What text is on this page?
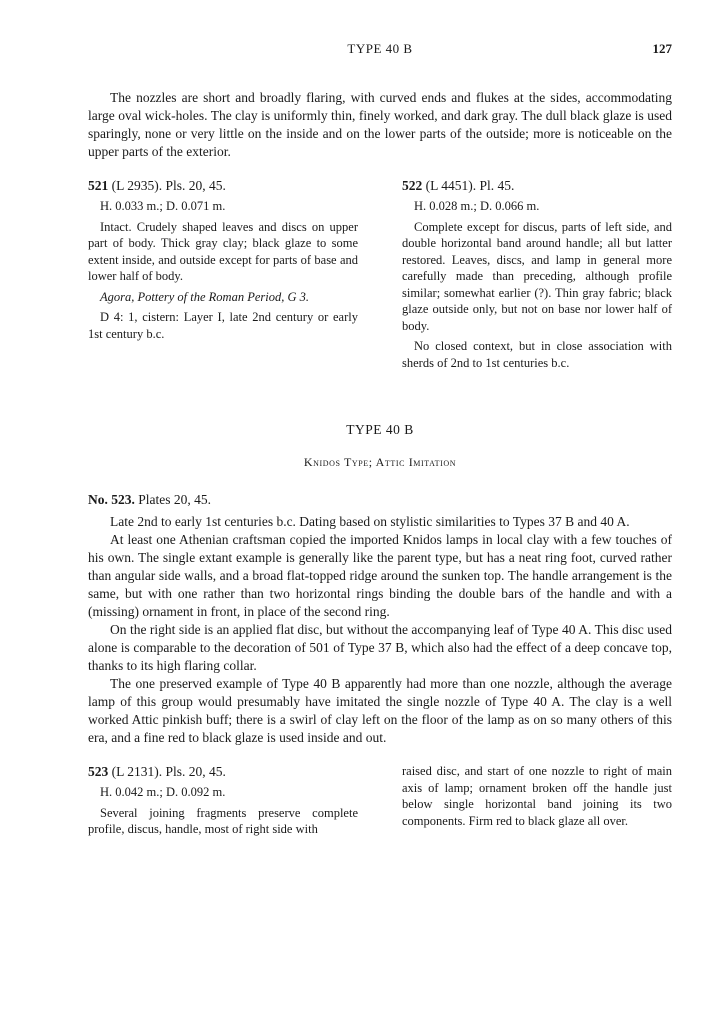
TYPE 40 B	127

The nozzles are short and broadly flaring, with curved ends and flukes at the sides, accommodating large oval wick-holes. The clay is uniformly thin, finely worked, and dark gray. The dull black glaze is used sparingly, none or very little on the inside and on the lower parts of the outside; more is noticeable on the upper parts of the exterior.

521 (L 2935). Pls. 20, 45.

H. 0.033 m.; D. 0.071 m.

Intact. Crudely shaped leaves and discs on upper part of body. Thick gray clay; black glaze to some extent inside, and outside except for parts of base and lower half of body.

Agora, Pottery of the Roman Period, G 3.

D 4: 1, cistern: Layer I, late 2nd century or early 1st century b.c.

522 (L 4451). Pl. 45.

H. 0.028 m.; D. 0.066 m.

Complete except for discus, parts of left side, and double horizontal band around handle; all but latter restored. Leaves, discs, and lamp in general more carefully made than preceding, although profile similar; somewhat earlier (?). Thin gray fabric; black glaze outside only, but not on base nor lower half of body.

No closed context, but in close association with sherds of 2nd to 1st centuries b.c.

TYPE 40 B
Knidos Type; Attic Imitation

No. 523. Plates 20, 45.

Late 2nd to early 1st centuries b.c. Dating based on stylistic similarities to Types 37 B and 40 A.

At least one Athenian craftsman copied the imported Knidos lamps in local clay with a few touches of his own. The single extant example is generally like the parent type, but has a neat ring foot, curved rather than angular side walls, and a broad flat-topped ridge around the sunken top. The handle arrangement is the same, but with one rather than two horizontal rings binding the double bars of the handle and with a (missing) ornament in front, in place of the second ring.

On the right side is an applied flat disc, but without the accompanying leaf of Type 40 A. This disc used alone is comparable to the decoration of 501 of Type 37 B, which also had the effect of a deep concave top, thanks to its high flaring collar.

The one preserved example of Type 40 B apparently had more than one nozzle, although the average lamp of this group would presumably have imitated the single nozzle of Type 40 A. The clay is a well worked Attic pinkish buff; there is a swirl of clay left on the floor of the lamp as on so many others of this era, and a fine red to black glaze is used inside and out.

523 (L 2131). Pls. 20, 45.

H. 0.042 m.; D. 0.092 m.

Several joining fragments preserve complete profile, discus, handle, most of right side with

raised disc, and start of one nozzle to right of main axis of lamp; ornament broken off the handle just below single horizontal band joining its two components. Firm red to black glaze all over.
